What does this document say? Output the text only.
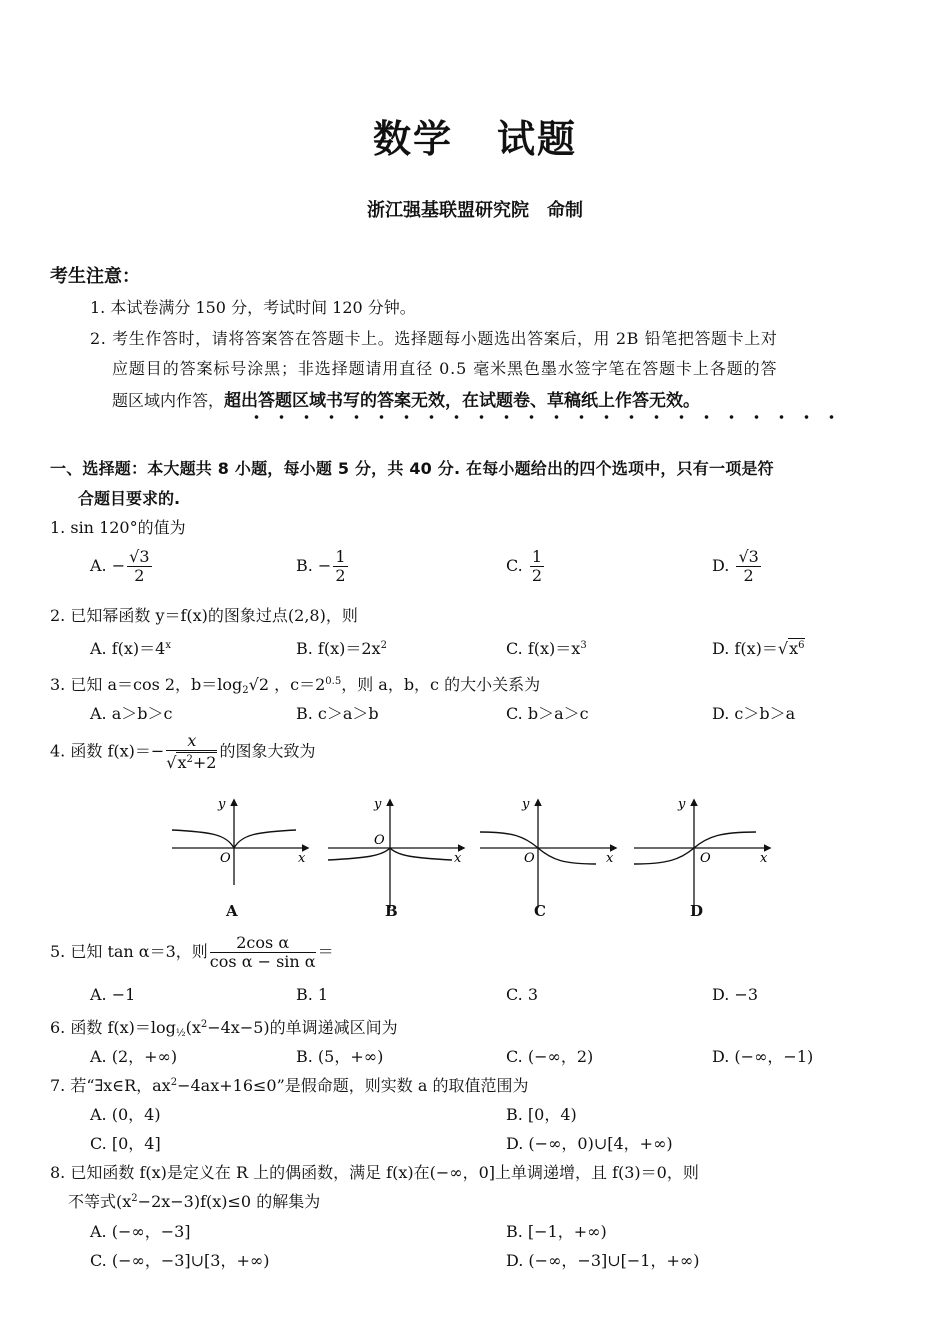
数学 试题
浙江强基联盟研究院　命制
考生注意：
1. 本试卷满分 150 分，考试时间 120 分钟。
2. 考生作答时，请将答案答在答题卡上。选择题每小题选出答案后，用 2B 铅笔把答题卡上对
应题目的答案标号涂黑；非选择题请用直径 0.5 毫米黑色墨水签字笔在答题卡上各题的答
题区域内作答，超出答题区域书写的答案无效，在试题卷、草稿纸上作答无效。
一、选择题：本大题共 8 小题，每小题 5 分，共 40 分. 在每小题给出的四个选项中，只有一项是符
合题目要求的.
1. sin 120°的值为
A. − $\frac{√3}{2}$	B. − $\frac{1}{2}$	C. $\frac{1}{2}$	D. $\frac{√3}{2}$
2. 已知幂函数 y＝f(x)的图象过点(2,8)，则
A. $f(x)=4^x$	B. $f(x)=2x^2$	C. $f(x)=x^3$	D. $f(x)=√x^6$
3. 已知 a＝cos 2，$b=\log_2√2$ ，$c=2^{0.5}$，则 a，b，c 的大小关系为
A. a＞b＞c	B. c＞a＞b	C. b＞a＞c	D. c＞b＞a
4. 函数 $f(x)=- \frac{x}{√x^2+2}$ 的图象大致为
y
x
O
y
x
O
y
x
O
y
x
O
A	B	C	D
5. 已知 tan α＝3，则 $\frac{\text{2cos α}}{\text{cos α − sin α}}$ ＝
A. −1	B. 1	C. 3	D. −3
6. 函数 $f(x)=\log_{\frac{1}{2}}(x^2-4x-5)$的单调递减区间为
A. (2，+∞)	B. (5，+∞)	C. (−∞，2)	D. (−∞，−1)
7. 若“∃x∈R，$ax^2-4ax+16\le 0$”是假命题，则实数 a 的取值范围为
A. (0，4)	B. [0，4)
C. [0，4]	D. (−∞，0)∪[4，+∞)
8. 已知函数 f(x)是定义在 R 上的偶函数，满足 f(x)在(−∞，0]上单调递增，且 f(3)＝0，则
不等式$(x^2-2x-3)f(x)\le 0$ 的解集为
A. (−∞，−3]	B. [−1，+∞)
C. (−∞，−3]∪[3，+∞)	D. (−∞，−3]∪[−1，+∞)
